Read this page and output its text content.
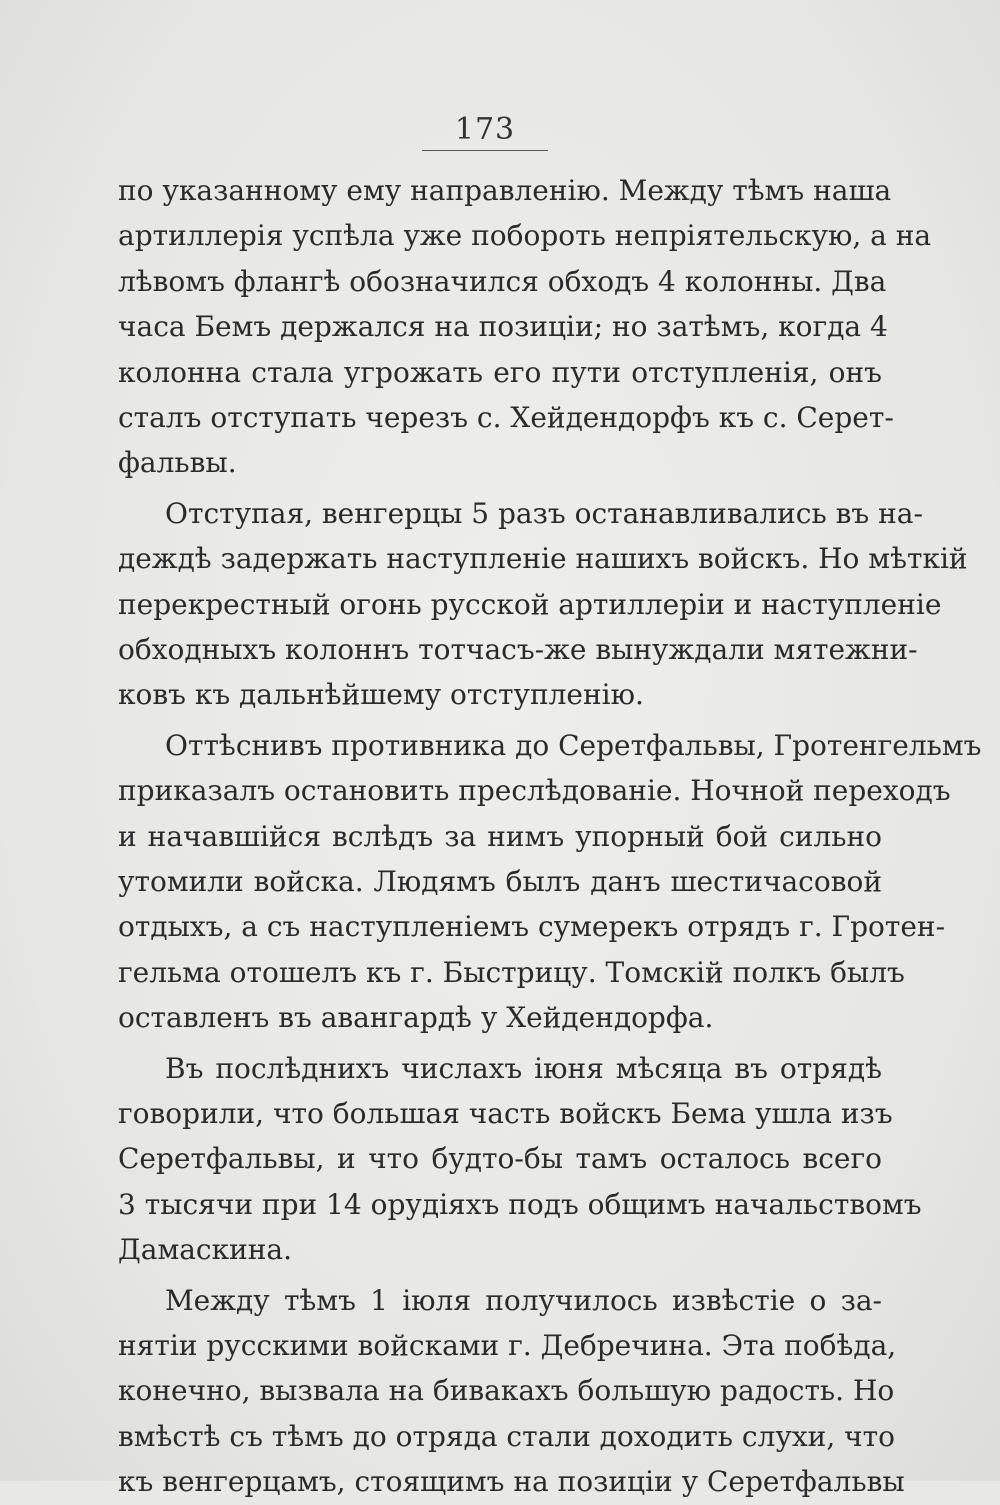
173
по указанному ему направленію. Между тѣмъ наша
артиллерія успѣла уже побороть непріятельскую, а на
лѣвомъ флангѣ обозначился обходъ 4 колонны. Два
часа Бемъ держался на позиціи; но затѣмъ, когда 4
колонна стала угрожать его пути отступленія, онъ
сталъ отступать черезъ с. Хейдендорфъ къ с. Серет-
фальвы.
Отступая, венгерцы 5 разъ останавливались въ на-
деждѣ задержать наступленіе нашихъ войскъ. Но мѣткій
перекрестный огонь русской артиллеріи и наступленіе
обходныхъ колоннъ тотчасъ-же вынуждали мятежни-
ковъ къ дальнѣйшему отступленію.
Оттѣснивъ противника до Серетфальвы, Гротенгельмъ
приказалъ остановить преслѣдованіе. Ночной переходъ
и начавшійся вслѣдъ за нимъ упорный бой сильно
утомили войска. Людямъ былъ данъ шестичасовой
отдыхъ, а съ наступленіемъ сумерекъ отрядъ г. Гротен-
гельма отошелъ къ г. Быстрицу. Томскій полкъ былъ
оставленъ въ авангардѣ у Хейдендорфа.
Въ послѣднихъ числахъ іюня мѣсяца въ отрядѣ
говорили, что большая часть войскъ Бема ушла изъ
Серетфальвы, и что будто-бы тамъ осталось всего
3 тысячи при 14 орудіяхъ подъ общимъ начальствомъ
Дамаскина.
Между тѣмъ 1 іюля получилось извѣстіе о за-
нятіи русскими войсками г. Дебречина. Эта побѣда,
конечно, вызвала на бивакахъ большую радость. Но
вмѣстѣ съ тѣмъ до отряда стали доходить слухи, что
къ венгерцамъ, стоящимъ на позиціи у Серетфальвы
